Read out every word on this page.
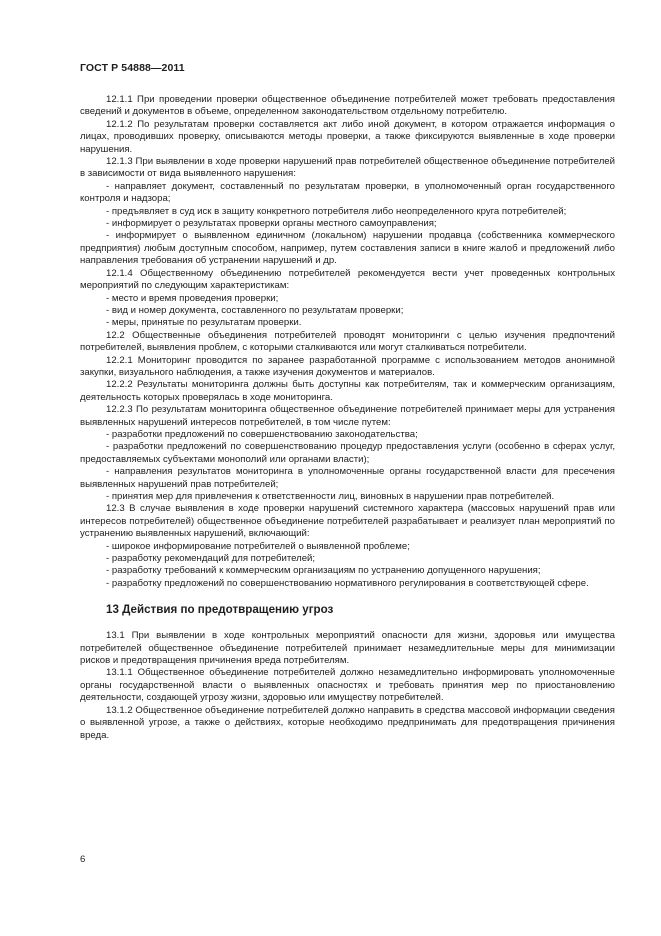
ГОСТ Р 54888—2011

12.1.1 При проведении проверки общественное объединение потребителей может требовать предоставления сведений и документов в объеме, определенном законодательством отдельному потребителю.

12.1.2 По результатам проверки составляется акт либо иной документ, в котором отражается информация о лицах, проводивших проверку, описываются методы проверки, а также фиксируются выявленные в ходе проверки нарушения.

12.1.3 При выявлении в ходе проверки нарушений прав потребителей общественное объединение потребителей в зависимости от вида выявленного нарушения:

- направляет документ, составленный по результатам проверки, в уполномоченный орган государственного контроля и надзора;

- предъявляет в суд иск в защиту конкретного потребителя либо неопределенного круга потребителей;

- информирует о результатах проверки органы местного самоуправления;

- информирует о выявленном единичном (локальном) нарушении продавца (собственника коммерческого предприятия) любым доступным способом, например, путем составления записи в книге жалоб и предложений либо направления требования об устранении нарушений и др.

12.1.4 Общественному объединению потребителей рекомендуется вести учет проведенных контрольных мероприятий по следующим характеристикам:

- место и время проведения проверки;

- вид и номер документа, составленного по результатам проверки;

- меры, принятые по результатам проверки.

12.2 Общественные объединения потребителей проводят мониторинги с целью изучения предпочтений потребителей, выявления проблем, с которыми сталкиваются или могут сталкиваться потребители.

12.2.1 Мониторинг проводится по заранее разработанной программе с использованием методов анонимной закупки, визуального наблюдения, а также изучения документов и материалов.

12.2.2 Результаты мониторинга должны быть доступны как потребителям, так и коммерческим организациям, деятельность которых проверялась в ходе мониторинга.

12.2.3 По результатам мониторинга общественное объединение потребителей принимает меры для устранения выявленных нарушений интересов потребителей, в том числе путем:

- разработки предложений по совершенствованию законодательства;

- разработки предложений по совершенствованию процедур предоставления услуги (особенно в сферах услуг, предоставляемых субъектами монополий или органами власти);

- направления результатов мониторинга в уполномоченные органы государственной власти для пресечения выявленных нарушений прав потребителей;

- принятия мер для привлечения к ответственности лиц, виновных в нарушении прав потребителей.

12.3 В случае выявления в ходе проверки нарушений системного характера (массовых нарушений прав или интересов потребителей) общественное объединение потребителей разрабатывает и реализует план мероприятий по устранению выявленных нарушений, включающий:

- широкое информирование потребителей о выявленной проблеме;

- разработку рекомендаций для потребителей;

- разработку требований к коммерческим организациям по устранению допущенного нарушения;

- разработку предложений по совершенствованию нормативного регулирования в соответствующей сфере.

13 Действия по предотвращению угроз

13.1 При выявлении в ходе контрольных мероприятий опасности для жизни, здоровья или имущества потребителей общественное объединение потребителей принимает незамедлительные меры для минимизации рисков и предотвращения причинения вреда потребителям.

13.1.1 Общественное объединение потребителей должно незамедлительно информировать уполномоченные органы государственной власти о выявленных опасностях и требовать принятия мер по приостановлению деятельности, создающей угрозу жизни, здоровью или имуществу потребителей.

13.1.2 Общественное объединение потребителей должно направить в средства массовой информации сведения о выявленной угрозе, а также о действиях, которые необходимо предпринимать для предотвращения причинения вреда.

6
